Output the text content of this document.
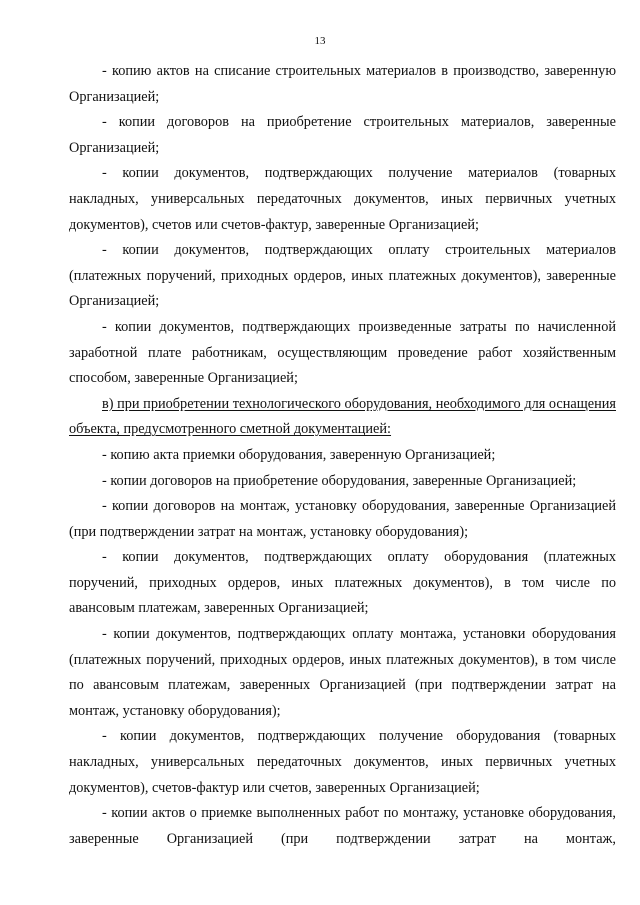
13

- копию актов на списание строительных материалов в производство, заверенную Организацией;

- копии договоров на приобретение строительных материалов, заверенные Организацией;

- копии документов, подтверждающих получение материалов (товарных накладных, универсальных передаточных документов, иных первичных учетных документов), счетов или счетов-фактур, заверенные Организацией;

- копии документов, подтверждающих оплату строительных материалов (платежных поручений, приходных ордеров, иных платежных документов), заверенные Организацией;

- копии документов, подтверждающих произведенные затраты по начисленной заработной плате работникам, осуществляющим проведение работ хозяйственным способом, заверенные Организацией;

в) при приобретении технологического оборудования, необходимого для оснащения объекта, предусмотренного сметной документацией:

- копию акта приемки оборудования, заверенную Организацией;

- копии договоров на приобретение оборудования, заверенные Организацией;

- копии договоров на монтаж, установку оборудования, заверенные Организацией (при подтверждении затрат на монтаж, установку оборудования);

- копии документов, подтверждающих оплату оборудования (платежных поручений, приходных ордеров, иных платежных документов), в том числе по авансовым платежам, заверенных Организацией;

- копии документов, подтверждающих оплату монтажа, установки оборудования (платежных поручений, приходных ордеров, иных платежных документов), в том числе по авансовым платежам, заверенных Организацией (при подтверждении затрат на монтаж, установку оборудования);

- копии документов, подтверждающих получение оборудования (товарных накладных, универсальных передаточных документов, иных первичных учетных документов), счетов-фактур или счетов, заверенных Организацией;

- копии актов о приемке выполненных работ по монтажу, установке оборудования, заверенные Организацией (при подтверждении затрат на монтаж,
